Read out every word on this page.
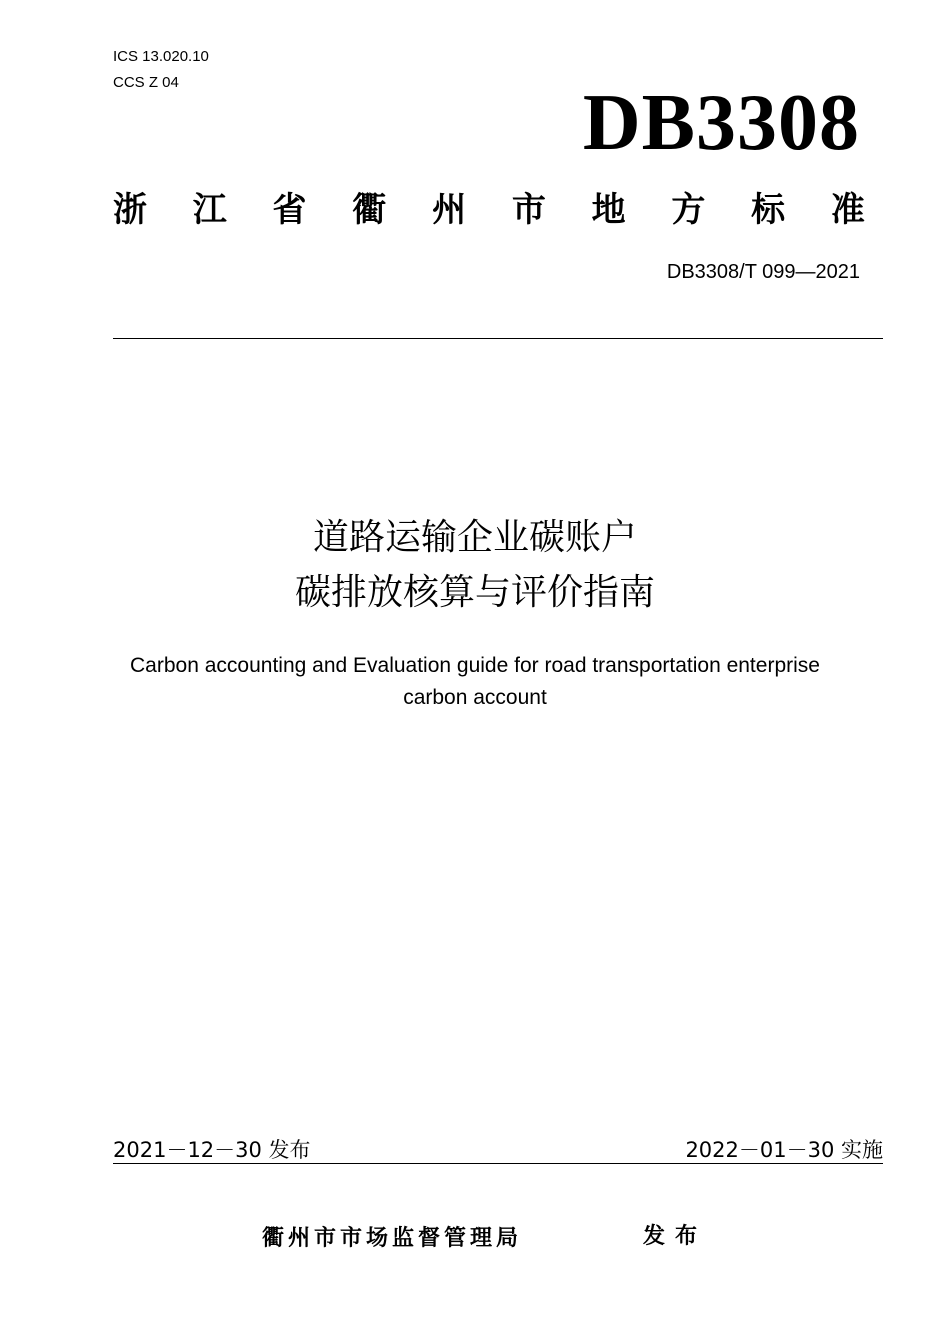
ICS 13.020.10
CCS Z 04	DB3308
浙 江 省 衢 州 市 地 方 标 准
DB3308/T 099—2021
道路运输企业碳账户
碳排放核算与评价指南
Carbon accounting and Evaluation guide for road transportation enterprise
carbon account
2021－12－30 发布	2022－01－30 实施
衢州市市场监督管理局	发布
